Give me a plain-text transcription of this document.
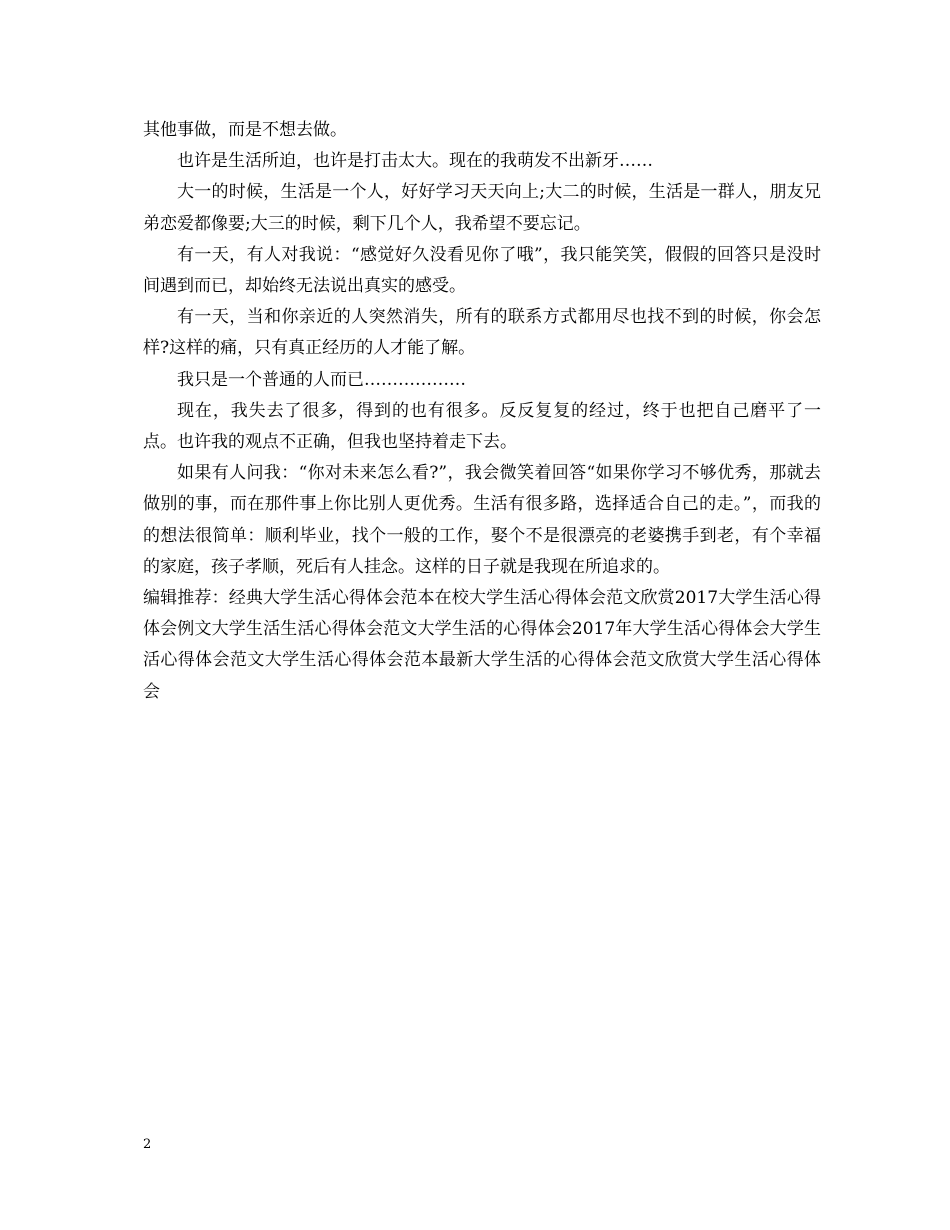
其他事做，而是不想去做。

也许是生活所迫，也许是打击太大。现在的我萌发不出新牙……

大一的时候，生活是一个人，好好学习天天向上;大二的时候，生活是一群人，朋友兄弟恋爱都像要;大三的时候，剩下几个人，我希望不要忘记。

有一天，有人对我说：“感觉好久没看见你了哦”，我只能笑笑，假假的回答只是没时间遇到而已，却始终无法说出真实的感受。

有一天，当和你亲近的人突然消失，所有的联系方式都用尽也找不到的时候，你会怎样?这样的痛，只有真正经历的人才能了解。

我只是一个普通的人而已………………

现在，我失去了很多，得到的也有很多。反反复复的经过，终于也把自己磨平了一点。也许我的观点不正确，但我也坚持着走下去。

如果有人问我：“你对未来怎么看?”，我会微笑着回答“如果你学习不够优秀，那就去做别的事，而在那件事上你比别人更优秀。生活有很多路，选择适合自己的走。”，而我的的想法很简单：顺利毕业，找个一般的工作，娶个不是很漂亮的老婆携手到老，有个幸福的家庭，孩子孝顺，死后有人挂念。这样的日子就是我现在所追求的。

编辑推荐：经典大学生活心得体会范本在校大学生活心得体会范文欣赏2017大学生活心得体会例文大学生活生活心得体会范文大学生活的心得体会2017年大学生活心得体会大学生活心得体会范文大学生活心得体会范本最新大学生活的心得体会范文欣赏大学生活心得体会

2
